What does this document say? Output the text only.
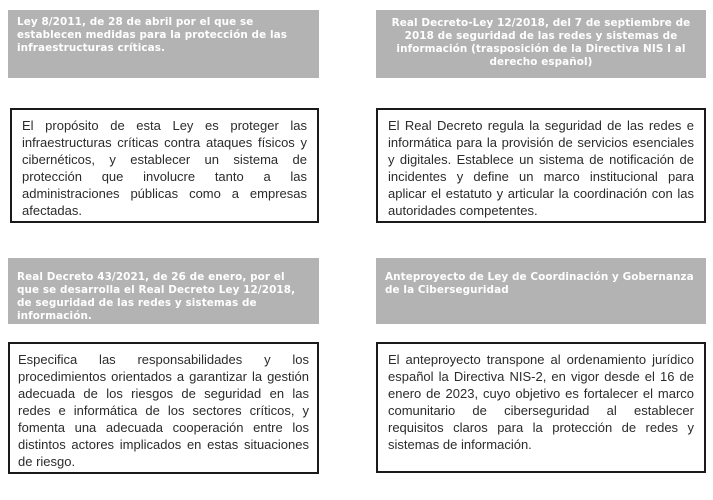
Ley 8/2011, de 28 de abril por el que se establecen medidas para la protección de las infraestructuras críticas.
El propósito de esta Ley es proteger las infraestructuras críticas contra ataques físicos y cibernéticos, y establecer un sistema de protección que involucre tanto a las administraciones públicas como a empresas afectadas.
Real Decreto-Ley 12/2018, del 7 de septiembre de 2018 de seguridad de las redes y sistemas de información (trasposición de la Directiva NIS I al derecho español)
El Real Decreto regula la seguridad de las redes e informática para la provisión de servicios esenciales y digitales. Establece un sistema de notificación de incidentes y define un marco institucional para aplicar el estatuto y articular la coordinación con las autoridades competentes.
Real Decreto 43/2021, de 26 de enero, por el que se desarrolla el Real Decreto Ley 12/2018, de seguridad de las redes y sistemas de información.
Especifica las responsabilidades y los procedimientos orientados a garantizar la gestión adecuada de los riesgos de seguridad en las redes e informática de los sectores críticos, y fomenta una adecuada cooperación entre los distintos actores implicados en estas situaciones de riesgo.
Anteproyecto de Ley de Coordinación y Gobernanza de la Ciberseguridad
El anteproyecto transpone al ordenamiento jurídico español la Directiva NIS-2, en vigor desde el 16 de enero de 2023, cuyo objetivo es fortalecer el marco comunitario de ciberseguridad al establecer requisitos claros para la protección de redes y sistemas de información.
